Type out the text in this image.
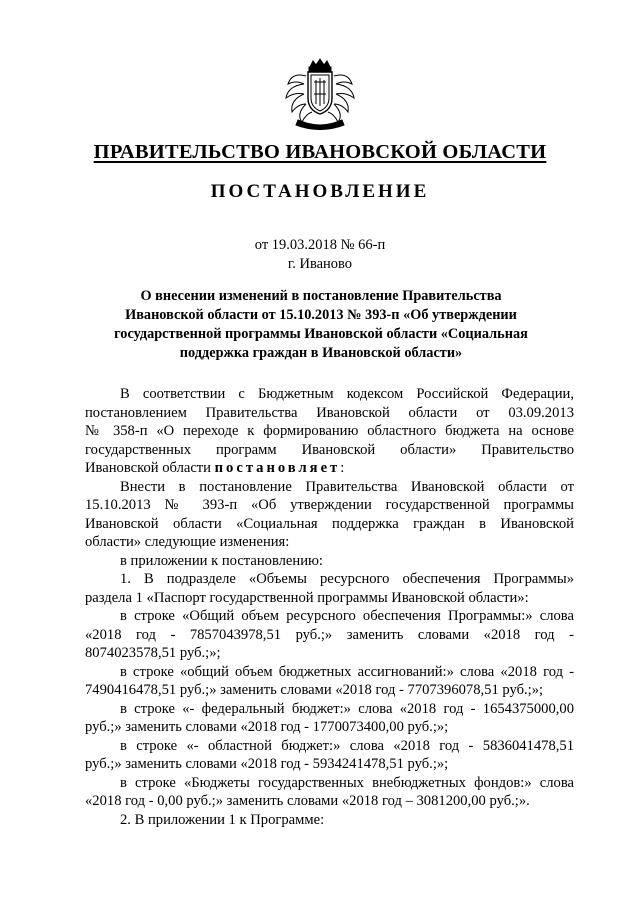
ПРАВИТЕЛЬСТВО ИВАНОВСКОЙ ОБЛАСТИ
ПОСТАНОВЛЕНИЕ
от 19.03.2018 № 66-п
г. Иваново
О внесении изменений в постановление Правительства
Ивановской области от 15.10.2013 № 393-п «Об утверждении
государственной программы Ивановской области «Социальная
поддержка граждан в Ивановской области»
В соответствии с Бюджетным кодексом Российской Федерации,
постановлением Правительства Ивановской области от 03.09.2013
№ 358-п «О переходе к формированию областного бюджета на основе
государственных программ Ивановской области» Правительство
Ивановской области постановляет:
Внести в постановление Правительства Ивановской области от
15.10.2013 № 393-п «Об утверждении государственной программы
Ивановской области «Социальная поддержка граждан в Ивановской
области» следующие изменения:
в приложении к постановлению:
1. В подразделе «Объемы ресурсного обеспечения Программы»
раздела 1 «Паспорт государственной программы Ивановской области»:
в строке «Общий объем ресурсного обеспечения Программы:» слова
«2018 год - 7857043978,51 руб.;» заменить словами «2018 год -
8074023578,51 руб.;»;
в строке «общий объем бюджетных ассигнований:» слова «2018 год -
7490416478,51 руб.;» заменить словами «2018 год - 7707396078,51 руб.;»;
в строке «- федеральный бюджет:» слова «2018 год - 1654375000,00
руб.;» заменить словами «2018 год - 1770073400,00 руб.;»;
в строке «- областной бюджет:» слова «2018 год - 5836041478,51
руб.;» заменить словами «2018 год - 5934241478,51 руб.;»;
в строке «Бюджеты государственных внебюджетных фондов:» слова
«2018 год - 0,00 руб.;» заменить словами «2018 год – 3081200,00 руб.;».
2. В приложении 1 к Программе:
